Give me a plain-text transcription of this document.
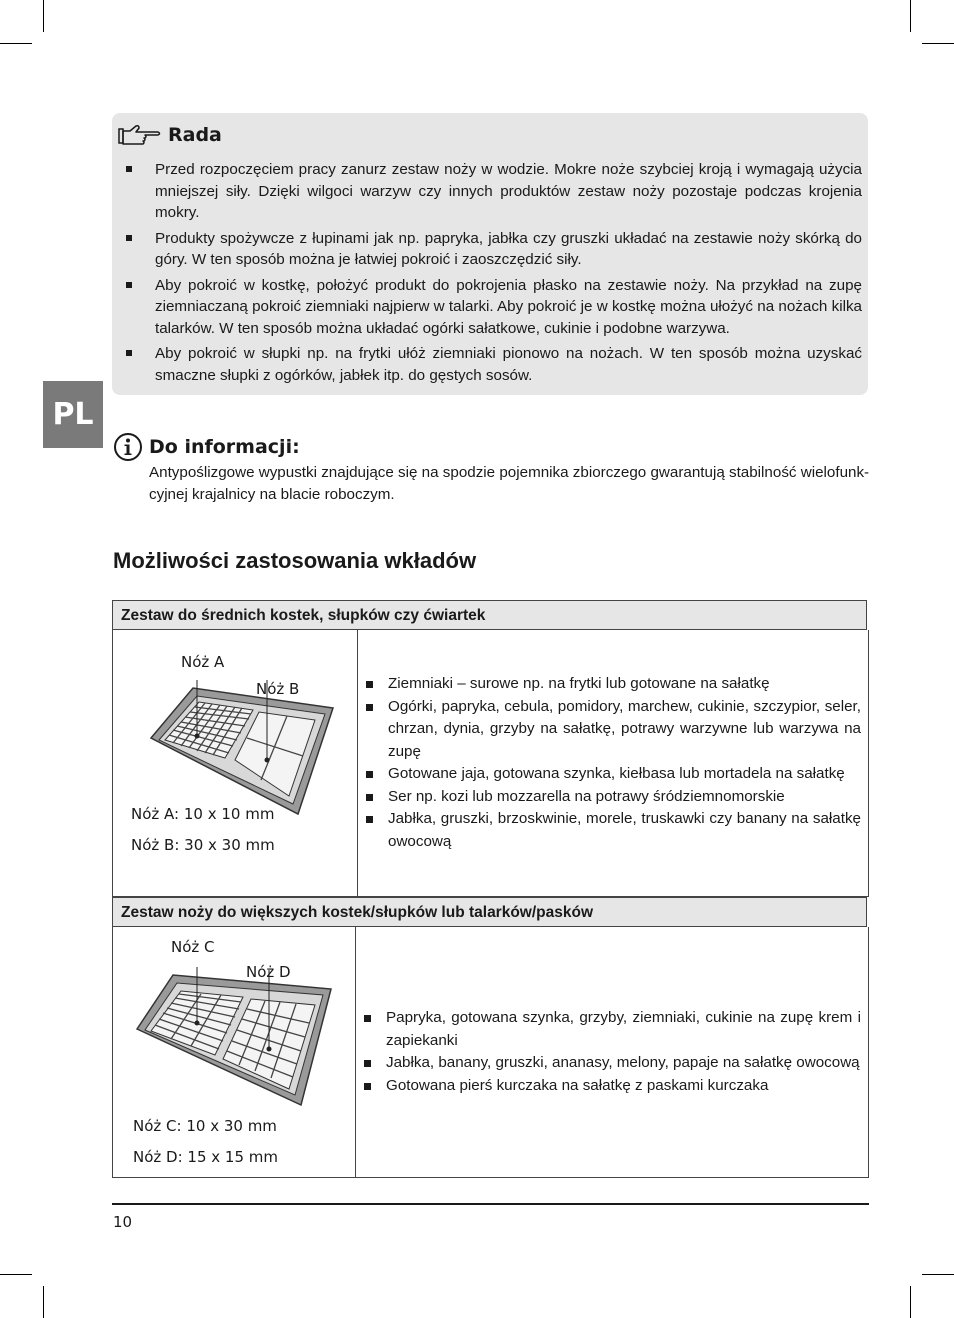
Rada
Przed rozpoczęciem pracy zanurz zestaw noży w wodzie. Mokre noże szybciej kroją i wymagają użycia mniejszej siły. Dzięki wilgoci warzyw czy innych produktów zestaw noży pozostaje podczas krojenia mokry.
Produkty spożywcze z łupinami jak np. papryka, jabłka czy gruszki układać na zestawie noży skórką do góry. W ten sposób można je łatwiej pokroić i zaoszczędzić siły.
Aby pokroić w kostkę, położyć produkt do pokrojenia płasko na zestawie noży. Na przykład na zupę ziemniaczaną pokroić ziemniaki najpierw w talarki. Aby pokroić je w kostkę można ułożyć na nożach kilka talarków. W ten sposób można układać ogórki sałatkowe, cukinie i podobne warzywa.
Aby pokroić w słupki np. na frytki ułóż ziemniaki pionowo na nożach. W ten sposób można uzyskać smaczne słupki z ogórków, jabłek itp. do gęstych sosów.
PL
Do informacji:
Antypoślizgowe wypustki znajdujące się na spodzie pojemnika zbiorczego gwarantują stabilność wielofunk-cyjnej krajalnicy na blacie roboczym.
Możliwości zastosowania wkładów
Zestaw do średnich kostek, słupków czy ćwiartek
Nóż A
Nóż B
Nóż A: 10 x 10 mm
Nóż B: 30 x 30 mm
Ziemniaki – surowe np. na frytki lub gotowane na sałatkę
Ogórki, papryka, cebula, pomidory, marchew, cukinie, szczypior, seler, chrzan, dynia, grzyby na sałatkę, potrawy warzywne lub warzywa na zupę
Gotowane jaja, gotowana szynka, kiełbasa lub mortadela na sałatkę
Ser np. kozi lub mozzarella na potrawy śródziemnomorskie
Jabłka, gruszki, brzoskwinie, morele, truskawki czy banany na sałatkę owocową
Zestaw noży do większych kostek/słupków lub talarków/pasków
Nóż C
Nóż D
Nóż C: 10 x 30 mm
Nóż D: 15 x 15 mm
Papryka, gotowana szynka, grzyby, ziemniaki, cukinie na zupę krem i zapiekanki
Jabłka, banany, gruszki, ananasy, melony, papaje na sałatkę owocową
Gotowana pierś kurczaka na sałatkę z paskami kurczaka
10
